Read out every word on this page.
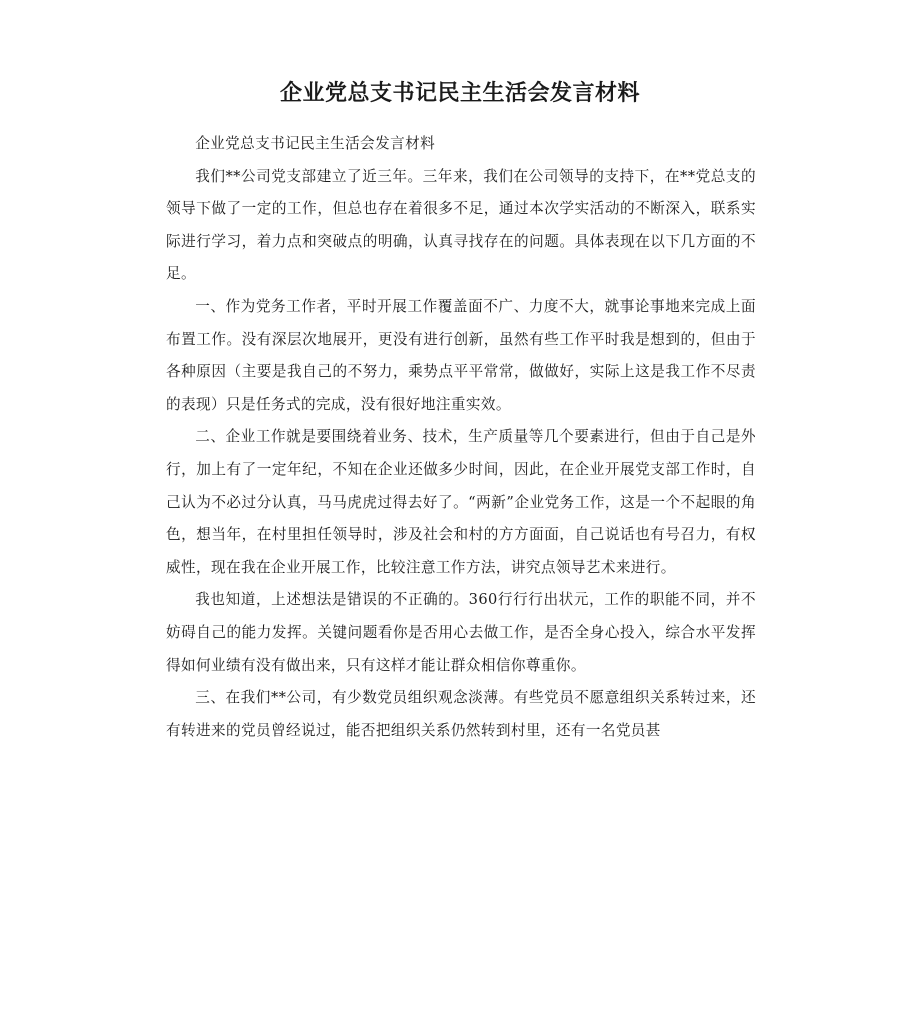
企业党总支书记民主生活会发言材料

企业党总支书记民主生活会发言材料

我们**公司党支部建立了近三年。三年来，我们在公司领导的支持下，在**党总支的领导下做了一定的工作，但总也存在着很多不足，通过本次学实活动的不断深入，联系实际进行学习，着力点和突破点的明确，认真寻找存在的问题。具体表现在以下几方面的不足。

一、作为党务工作者，平时开展工作覆盖面不广、力度不大，就事论事地来完成上面布置工作。没有深层次地展开，更没有进行创新，虽然有些工作平时我是想到的，但由于各种原因（主要是我自己的不努力，乘势点平平常常，做做好，实际上这是我工作不尽责的表现）只是任务式的完成，没有很好地注重实效。

二、企业工作就是要围绕着业务、技术，生产质量等几个要素进行，但由于自己是外行，加上有了一定年纪，不知在企业还做多少时间，因此，在企业开展党支部工作时，自己认为不必过分认真，马马虎虎过得去好了。“两新”企业党务工作，这是一个不起眼的角色，想当年，在村里担任领导时，涉及社会和村的方方面面，自己说话也有号召力，有权威性，现在我在企业开展工作，比较注意工作方法，讲究点领导艺术来进行。

我也知道，上述想法是错误的不正确的。360行行行出状元，工作的职能不同，并不妨碍自己的能力发挥。关键问题看你是否用心去做工作，是否全身心投入，综合水平发挥得如何业绩有没有做出来，只有这样才能让群众相信你尊重你。

三、在我们**公司，有少数党员组织观念淡薄。有些党员不愿意组织关系转过来，还有转进来的党员曾经说过，能否把组织关系仍然转到村里，还有一名党员甚
